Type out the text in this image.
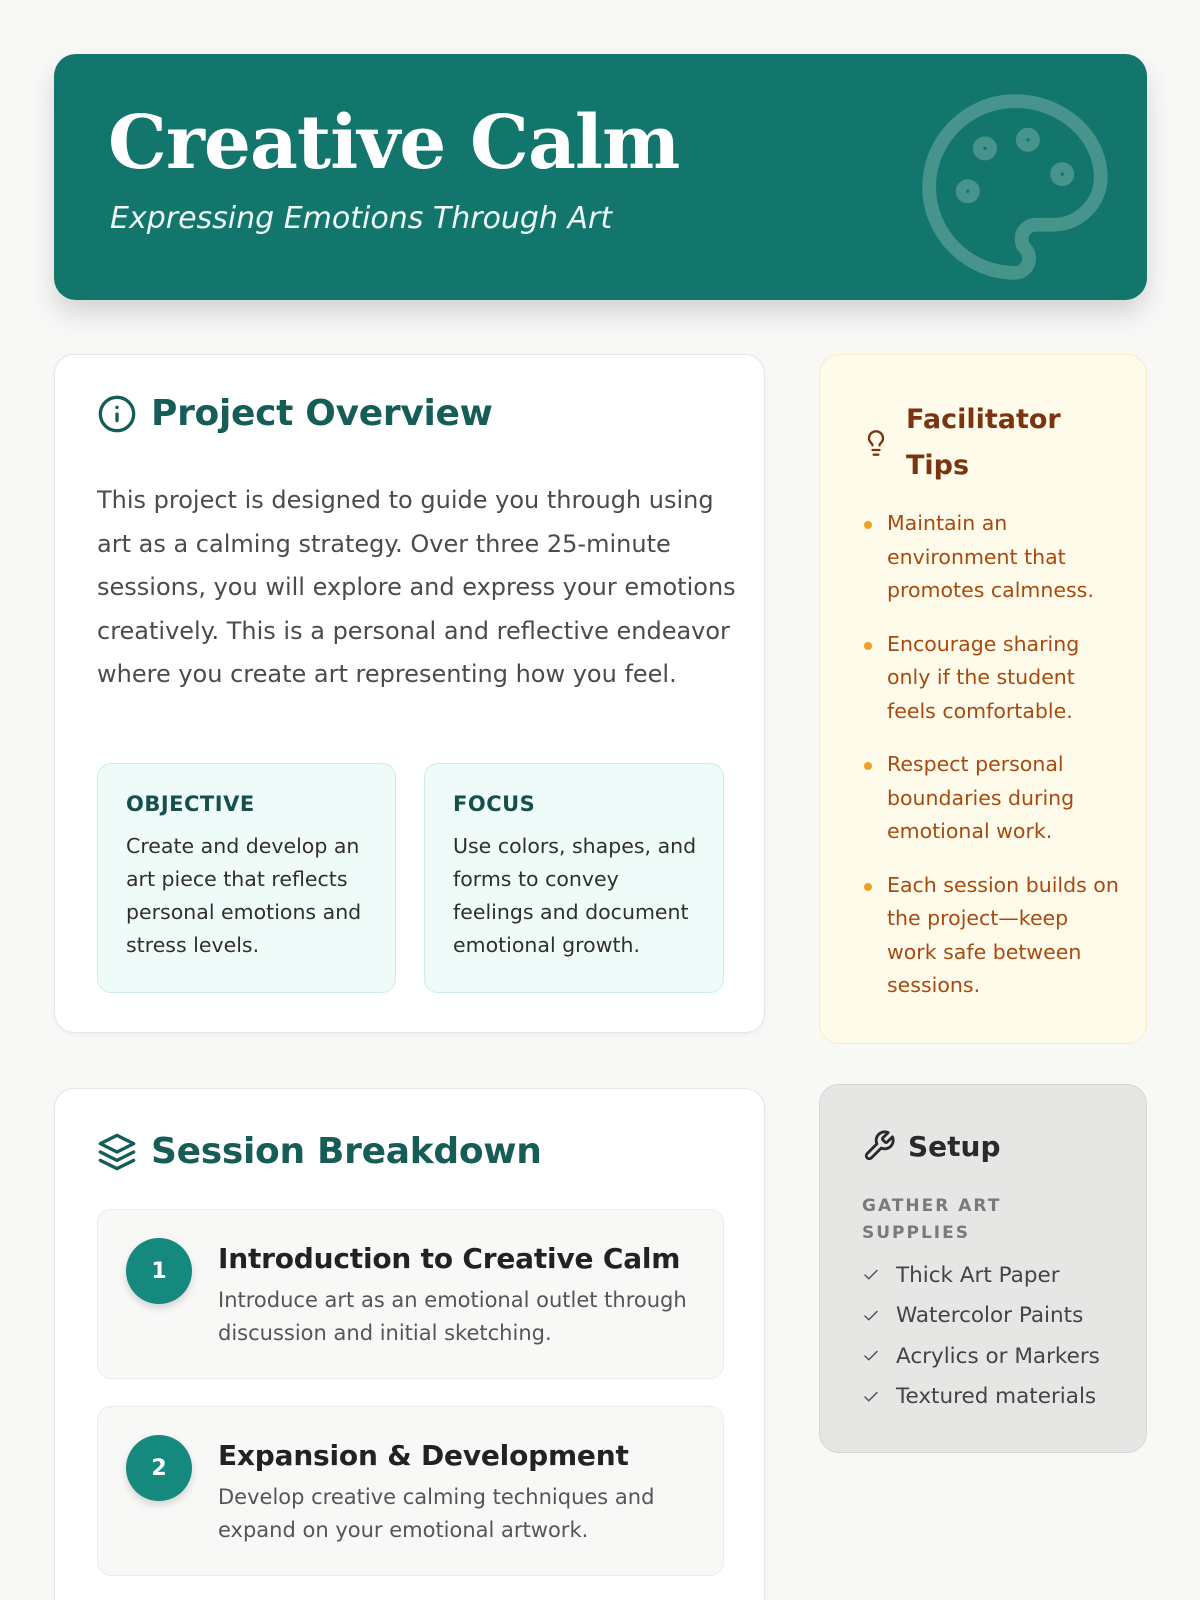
Creative Calm
Expressing Emotions Through Art
Project Overview

This project is designed to guide you through using art as a calming strategy. Over three 25-minute sessions, you will explore and express your emotions creatively. This is a personal and reflective endeavor where you create art representing how you feel.

OBJECTIVE
Create and develop an art piece that reflects personal emotions and stress levels.
FOCUS
Use colors, shapes, and forms to convey feelings and document emotional growth.
Session Breakdown
1	Introduction to Creative Calm
Introduce art as an emotional outlet through discussion and initial sketching.
2	Expansion & Development
Develop creative calming techniques and expand on your emotional artwork.
Facilitator Tips
Maintain an environment that promotes calmness.
Encourage sharing only if the student feels comfortable.
Respect personal boundaries during emotional work.
Each session builds on the project—keep work safe between sessions.
Setup
GATHER ART SUPPLIES
Thick Art Paper
Watercolor Paints
Acrylics or Markers
Textured materials
